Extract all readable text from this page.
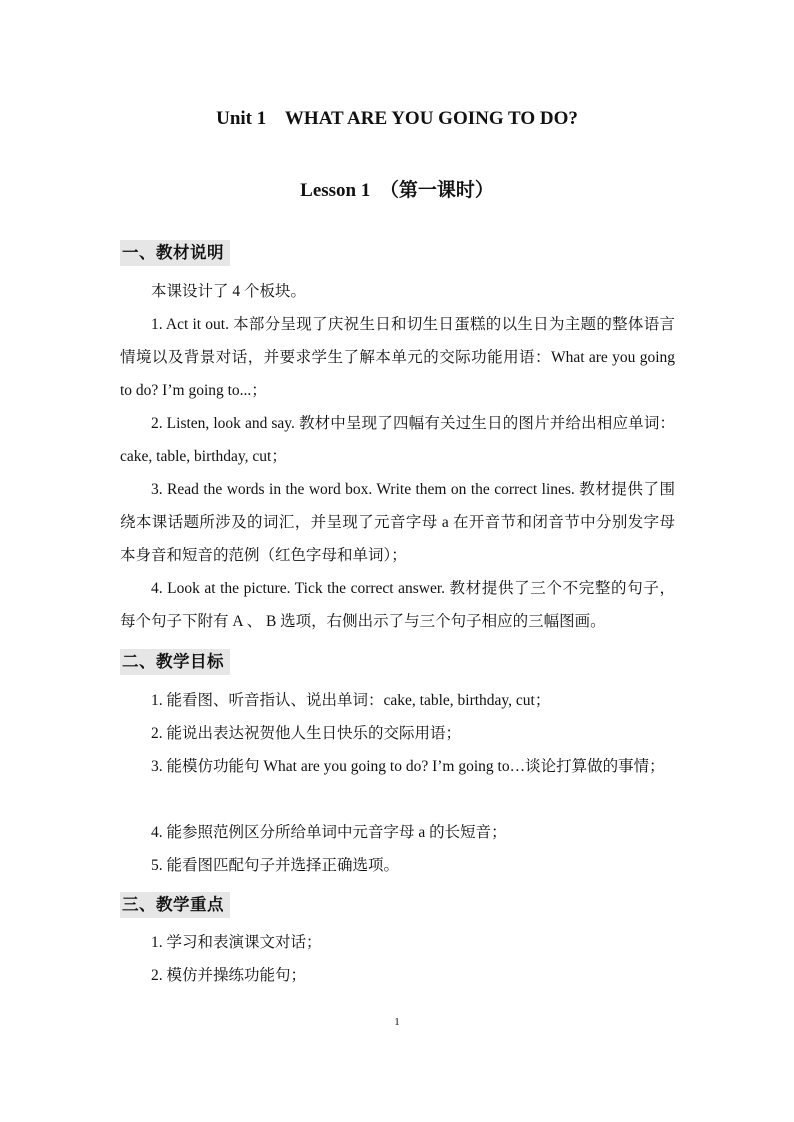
Unit 1    WHAT ARE YOU GOING TO DO?
Lesson 1  （第一课时）
一、教材说明
本课设计了 4 个板块。
1. Act it out. 本部分呈现了庆祝生日和切生日蛋糕的以生日为主题的整体语言情境以及背景对话，并要求学生了解本单元的交际功能用语：What are you going to do? I’m going to...；
2. Listen, look and say. 教材中呈现了四幅有关过生日的图片并给出相应单词：cake, table, birthday, cut；
3. Read the words in the word box. Write them on the correct lines. 教材提供了围绕本课话题所涉及的词汇，并呈现了元音字母 a 在开音节和闭音节中分别发字母本身音和短音的范例（红色字母和单词）；
4. Look at the picture. Tick the correct answer. 教材提供了三个不完整的句子，每个句子下附有 A 、 B 选项，右侧出示了与三个句子相应的三幅图画。
二、教学目标
1. 能看图、听音指认、说出单词：cake, table, birthday, cut；
2. 能说出表达祝贺他人生日快乐的交际用语；
3. 能模仿功能句 What are you going to do? I’m going to…谈论打算做的事情；
4. 能参照范例区分所给单词中元音字母 a 的长短音；
5. 能看图匹配句子并选择正确选项。
三、教学重点
1. 学习和表演课文对话；
2. 模仿并操练功能句；
1
